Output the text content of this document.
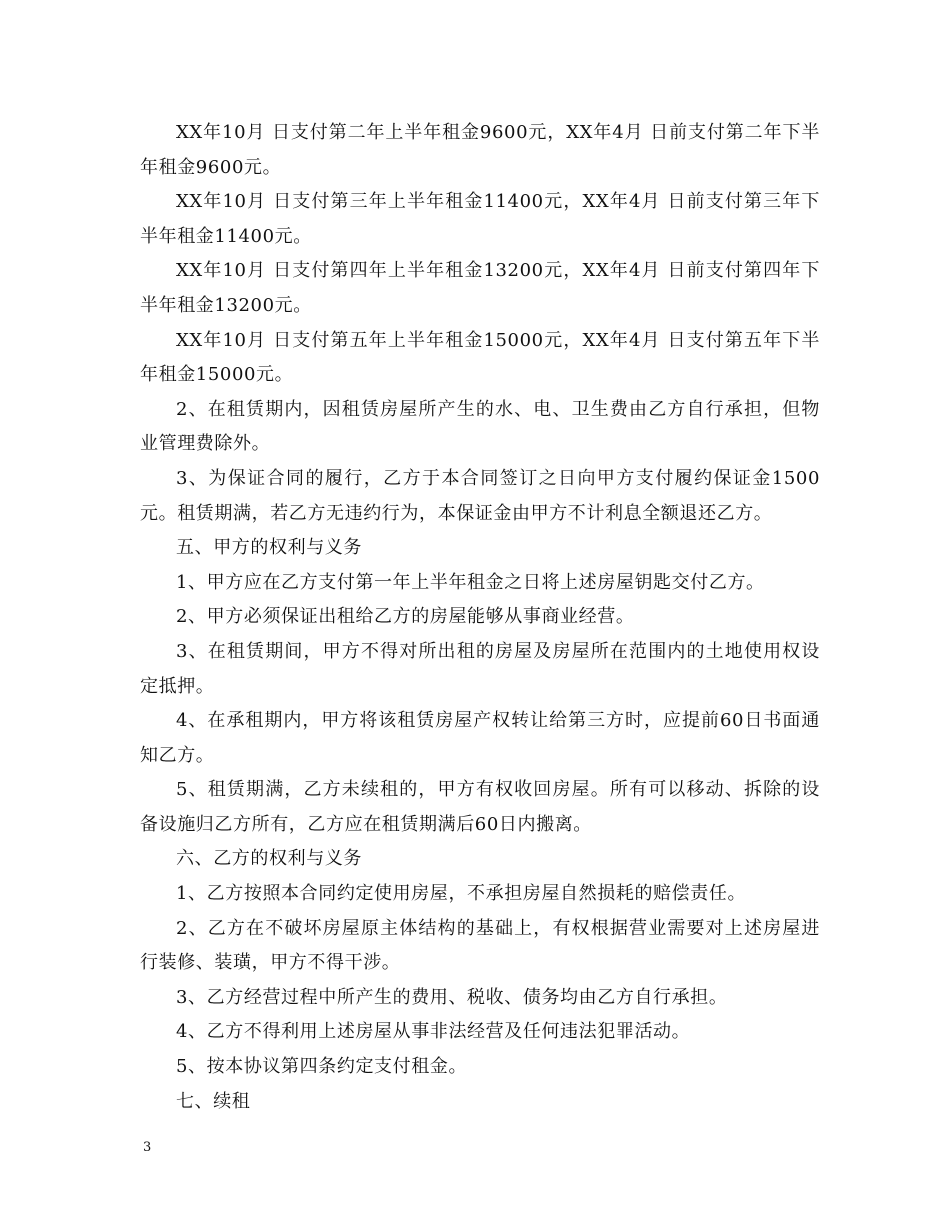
XX年10月 日支付第二年上半年租金9600元，XX年4月 日前支付第二年下半年租金9600元。

XX年10月 日支付第三年上半年租金11400元，XX年4月 日前支付第三年下半年租金11400元。

XX年10月 日支付第四年上半年租金13200元，XX年4月 日前支付第四年下半年租金13200元。

XX年10月 日支付第五年上半年租金15000元，XX年4月 日支付第五年下半年租金15000元。

2、在租赁期内，因租赁房屋所产生的水、电、卫生费由乙方自行承担，但物业管理费除外。

3、为保证合同的履行，乙方于本合同签订之日向甲方支付履约保证金1500元。租赁期满，若乙方无违约行为，本保证金由甲方不计利息全额退还乙方。

五、甲方的权利与义务

1、甲方应在乙方支付第一年上半年租金之日将上述房屋钥匙交付乙方。

2、甲方必须保证出租给乙方的房屋能够从事商业经营。

3、在租赁期间，甲方不得对所出租的房屋及房屋所在范围内的土地使用权设定抵押。

4、在承租期内，甲方将该租赁房屋产权转让给第三方时，应提前60日书面通知乙方。

5、租赁期满，乙方未续租的，甲方有权收回房屋。所有可以移动、拆除的设备设施归乙方所有，乙方应在租赁期满后60日内搬离。

六、乙方的权利与义务

1、乙方按照本合同约定使用房屋，不承担房屋自然损耗的赔偿责任。

2、乙方在不破坏房屋原主体结构的基础上，有权根据营业需要对上述房屋进行装修、装璜，甲方不得干涉。

3、乙方经营过程中所产生的费用、税收、债务均由乙方自行承担。

4、乙方不得利用上述房屋从事非法经营及任何违法犯罪活动。

5、按本协议第四条约定支付租金。

七、续租

3
